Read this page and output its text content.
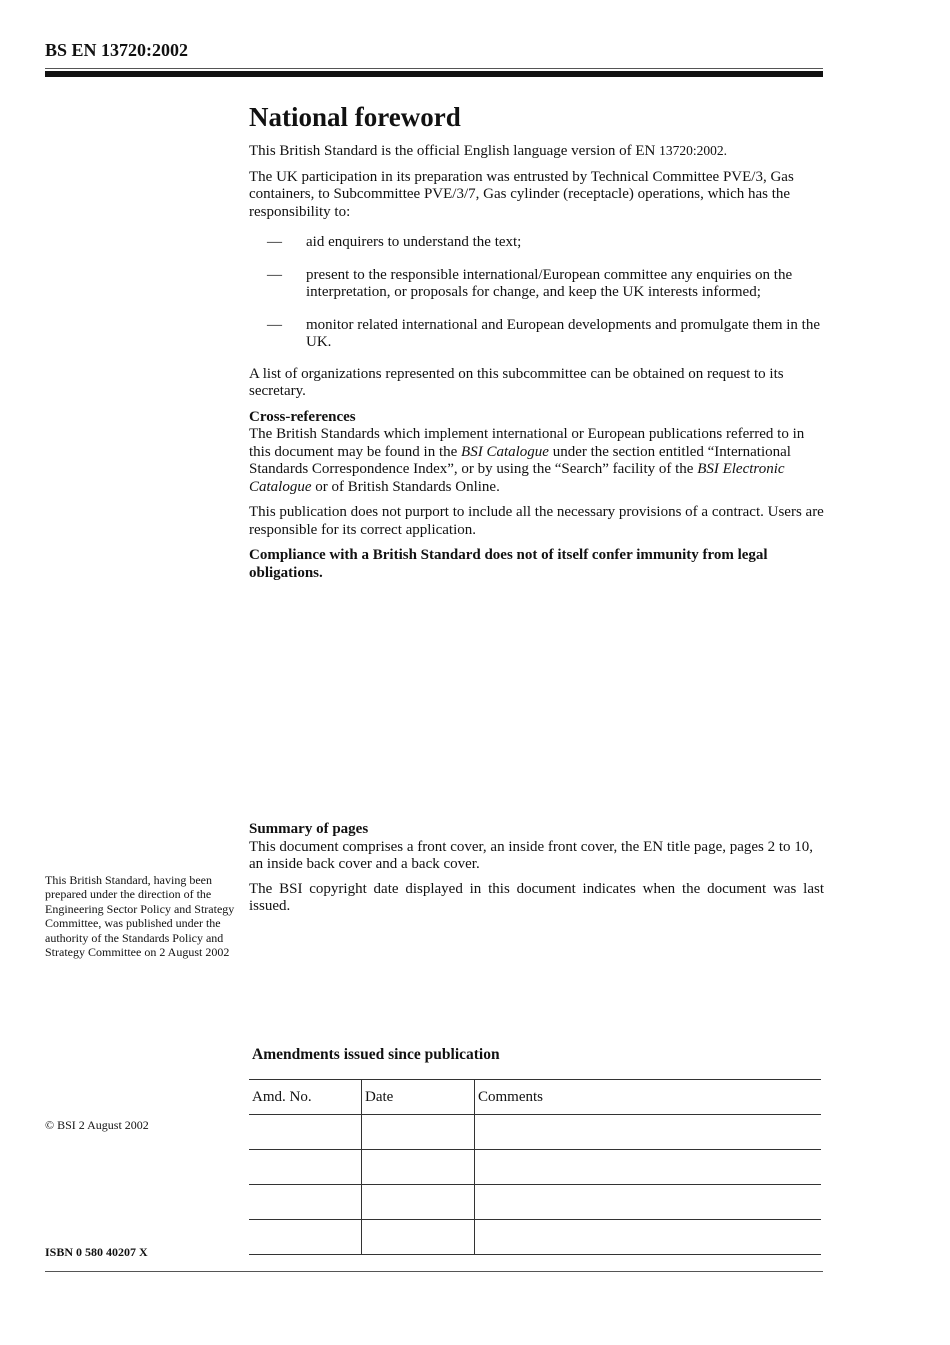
BS EN 13720:2002
National foreword

This British Standard is the official English language version of EN 13720:2002.

The UK participation in its preparation was entrusted by Technical Committee PVE/3, Gas containers, to Subcommittee PVE/3/7, Gas cylinder (receptacle) operations, which has the responsibility to:

— aid enquirers to understand the text;
— present to the responsible international/European committee any enquiries on the interpretation, or proposals for change, and keep the UK interests informed;
— monitor related international and European developments and promulgate them in the UK.

A list of organizations represented on this subcommittee can be obtained on request to its secretary.

Cross-references

The British Standards which implement international or European publications referred to in this document may be found in the BSI Catalogue under the section entitled “International Standards Correspondence Index”, or by using the “Search” facility of the BSI Electronic Catalogue or of British Standards Online.

This publication does not purport to include all the necessary provisions of a contract. Users are responsible for its correct application.

Compliance with a British Standard does not of itself confer immunity from legal obligations.

Summary of pages

This document comprises a front cover, an inside front cover, the EN title page, pages 2 to 10, an inside back cover and a back cover.

The BSI copyright date displayed in this document indicates when the document was last issued.

This British Standard, having been prepared under the direction of the Engineering Sector Policy and Strategy Committee, was published under the authority of the Standards Policy and Strategy Committee on 2 August 2002
© BSI 2 August 2002
ISBN 0 580 40207 X
Amendments issued since publication
Amd. No.	Date	Comments
